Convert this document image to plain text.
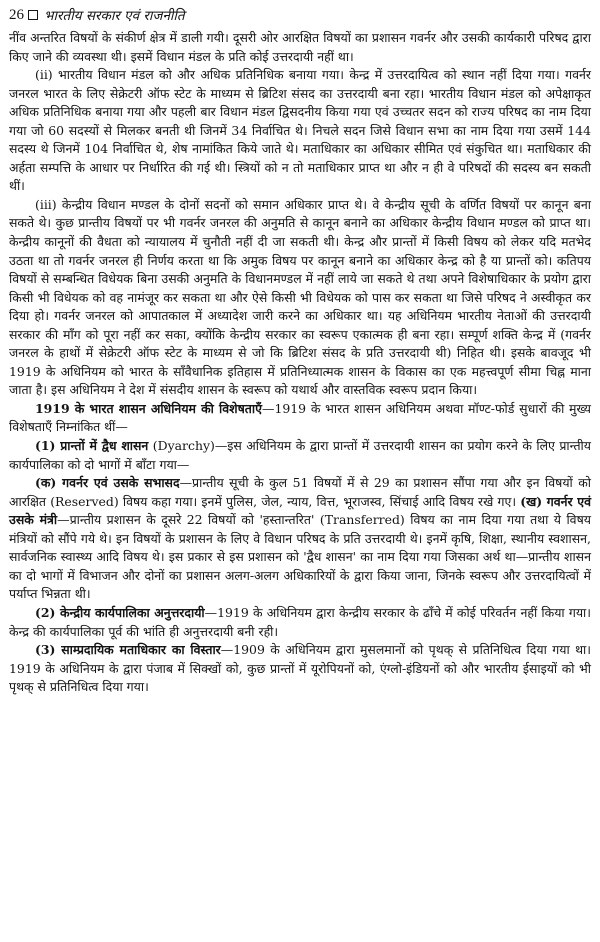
26 भारतीय सरकार एवं राजनीति

नींव अन्तरित विषयों के संकीर्ण क्षेत्र में डाली गयी। दूसरी ओर आरक्षित विषयों का प्रशासन गवर्नर और उसकी कार्यकारी परिषद द्वारा किए जाने की व्यवस्था थी। इसमें विधान मंडल के प्रति कोई उत्तरदायी नहीं था।

(ii) भारतीय विधान मंडल को और अधिक प्रतिनिधिक बनाया गया। केन्द्र में उत्तरदायित्व को स्थान नहीं दिया गया। गवर्नर जनरल भारत के लिए सेक्रेटरी ऑफ स्टेट के माध्यम से ब्रिटिश संसद का उत्तरदायी बना रहा। भारतीय विधान मंडल को अपेक्षाकृत अधिक प्रतिनिधिक बनाया गया और पहली बार विधान मंडल द्विसदनीय किया गया एवं उच्चतर सदन को राज्य परिषद का नाम दिया गया जो 60 सदस्यों से मिलकर बनती थी जिनमें 34 निर्वाचित थे। निचले सदन जिसे विधान सभा का नाम दिया गया उसमें 144 सदस्य थे जिनमें 104 निर्वाचित थे, शेष नामांकित किये जाते थे। मताधिकार का अधिकार सीमित एवं संकुचित था। मताधिकार की अर्हता सम्पत्ति के आधार पर निर्धारित की गई थी। स्त्रियों को न तो मताधिकार प्राप्त था और न ही वे परिषदों की सदस्य बन सकती थीं।

(iii) केन्द्रीय विधान मण्डल के दोनों सदनों को समान अधिकार प्राप्त थे। वे केन्द्रीय सूची के वर्णित विषयों पर कानून बना सकते थे। कुछ प्रान्तीय विषयों पर भी गवर्नर जनरल की अनुमति से कानून बनाने का अधिकार केन्द्रीय विधान मण्डल को प्राप्त था। केन्द्रीय कानूनों की वैधता को न्यायालय में चुनौती नहीं दी जा सकती थी। केन्द्र और प्रान्तों में किसी विषय को लेकर यदि मतभेद उठता था तो गवर्नर जनरल ही निर्णय करता था कि अमुक विषय पर कानून बनाने का अधिकार केन्द्र को है या प्रान्तों को। कतिपय विषयों से सम्बन्धित विधेयक बिना उसकी अनुमति के विधानमण्डल में नहीं लाये जा सकते थे तथा अपने विशेषाधिकार के प्रयोग द्वारा किसी भी विधेयक को वह नामंजूर कर सकता था और ऐसे किसी भी विधेयक को पास कर सकता था जिसे परिषद ने अस्वीकृत कर दिया हो। गवर्नर जनरल को आपातकाल में अध्यादेश जारी करने का अधिकार था। यह अधिनियम भारतीय नेताओं की उत्तरदायी सरकार की माँग को पूरा नहीं कर सका, क्योंकि केन्द्रीय सरकार का स्वरूप एकात्मक ही बना रहा। सम्पूर्ण शक्ति केन्द्र में (गवर्नर जनरल के हाथों में सेक्रेटरी ऑफ स्टेट के माध्यम से जो कि ब्रिटिश संसद के प्रति उत्तरदायी थी) निहित थी। इसके बावजूद भी 1919 के अधिनियम को भारत के सॉंवैधानिक इतिहास में प्रतिनिध्यात्मक शासन के विकास का एक महत्त्वपूर्ण सीमा चिह्न माना जाता है। इस अधिनियम ने देश में संसदीय शासन के स्वरूप को यथार्थ और वास्तविक स्वरूप प्रदान किया।

1919 के भारत शासन अधिनियम की विशेषताएँ—1919 के भारत शासन अधिनियम अथवा मॉण्ट-फोर्ड सुधारों की मुख्य विशेषताएँ निम्नांकित थीं—

(1) प्रान्तों में द्वैध शासन (Dyarchy)—इस अधिनियम के द्वारा प्रान्तों में उत्तरदायी शासन का प्रयोग करने के लिए प्रान्तीय कार्यपालिका को दो भागों में बाँटा गया—

(क) गवर्नर एवं उसके सभासद—प्रान्तीय सूची के कुल 51 विषयों में से 29 का प्रशासन सौंपा गया और इन विषयों को आरक्षित (Reserved) विषय कहा गया। इनमें पुलिस, जेल, न्याय, वित्त, भूराजस्व, सिंचाई आदि विषय रखे गए। (ख) गवर्नर एवं उसके मंत्री—प्रान्तीय प्रशासन के दूसरे 22 विषयों को 'हस्तान्तरित' (Transferred) विषय का नाम दिया गया तथा ये विषय मंत्रियों को सौंपे गये थे। इन विषयों के प्रशासन के लिए वे विधान परिषद के प्रति उत्तरदायी थे। इनमें कृषि, शिक्षा, स्थानीय स्वशासन, सार्वजनिक स्वास्थ्य आदि विषय थे। इस प्रकार से इस प्रशासन को 'द्वैध शासन' का नाम दिया गया जिसका अर्थ था—प्रान्तीय शासन का दो भागों में विभाजन और दोनों का प्रशासन अलग-अलग अधिकारियों के द्वारा किया जाना, जिनके स्वरूप और उत्तरदायित्वों में पर्याप्त भिन्नता थी।

(2) केन्द्रीय कार्यपालिका अनुत्तरदायी—1919 के अधिनियम द्वारा केन्द्रीय सरकार के ढाँचे में कोई परिवर्तन नहीं किया गया। केन्द्र की कार्यपालिका पूर्व की भांति ही अनुत्तरदायी बनी रही।

(3) साम्प्रदायिक मताधिकार का विस्तार—1909 के अधिनियम द्वारा मुसलमानों को पृथक् से प्रतिनिधित्व दिया गया था। 1919 के अधिनियम के द्वारा पंजाब में सिक्खों को, कुछ प्रान्तों में यूरोपियनों को, एंग्लो-इंडियनों को और भारतीय ईसाइयों को भी पृथक् से प्रतिनिधित्व दिया गया।
